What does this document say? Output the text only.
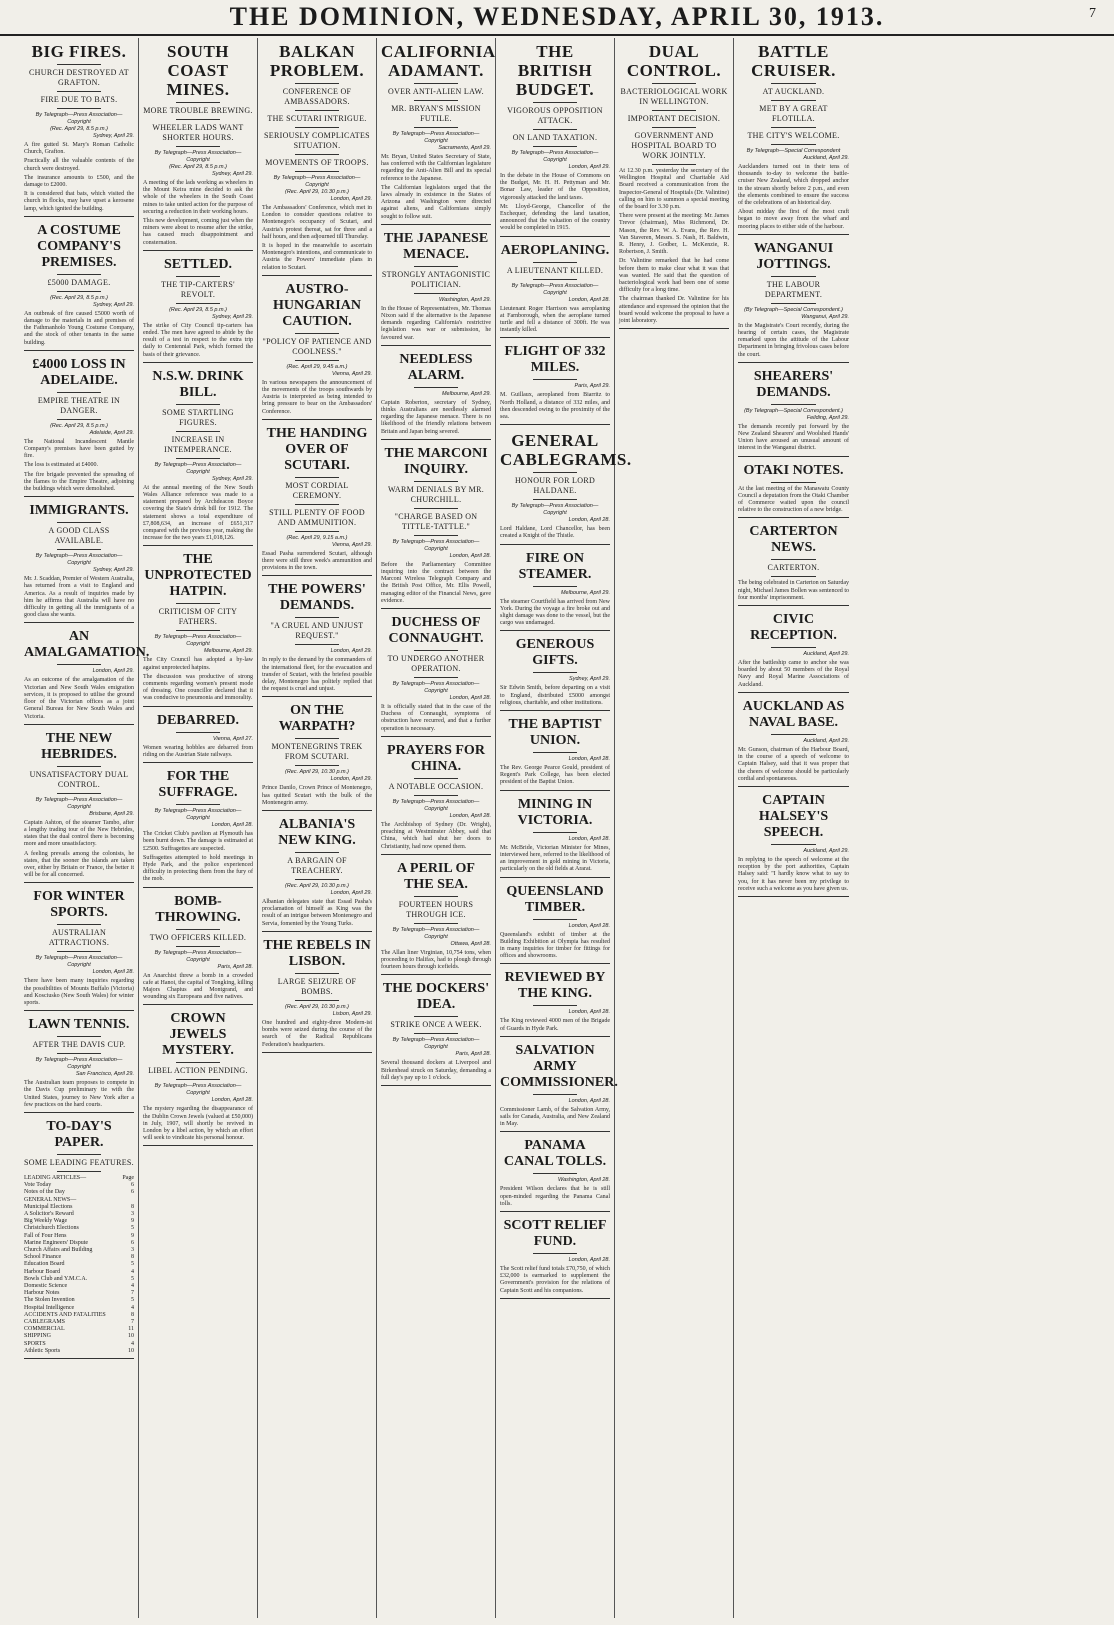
THE DOMINION, WEDNESDAY, APRIL 30, 1913.	7
BIG FIRES.
CHURCH DESTROYED AT GRAFTON.
FIRE DUE TO BATS.
By Telegraph—Press Association—Copyright
(Rec. April 29, 8.5 p.m.)
Sydney, April 29.

A fire gutted St. Mary's Roman Catholic Church, Grafton.

Practically all the valuable contents of the church were destroyed.

The insurance amounts to £500, and the damage to £2000.

It is considered that bats, which visited the church in flocks, may have upset a kerosene lamp, which ignited the building.

A COSTUME COMPANY'S PREMISES.
£5000 DAMAGE.
(Rec. April 29, 8.5 p.m.)
Sydney, April 29.

An outbreak of fire caused £5000 worth of damage to the materials in and premises of the Fathmanholo Young Costume Company, and the stock of other tenants in the same building.

£4000 LOSS IN ADELAIDE.
EMPIRE THEATRE IN DANGER.
(Rec. April 29, 8.5 p.m.)
Adelaide, April 29.

The National Incandescent Mantle Company's premises have been gutted by fire.

The loss is estimated at £4000.

The fire brigade prevented the spreading of the flames to the Empire Theatre, adjoining the buildings which were demolished.

IMMIGRANTS.
A GOOD CLASS AVAILABLE.
By Telegraph—Press Association—Copyright
Sydney, April 29.

Mr. J. Scaddan, Premier of Western Australia, has returned from a visit to England and America. As a result of inquiries made by him he affirms that Australia will have no difficulty in getting all the immigrants of a good class she wants.

AN AMALGAMATION.
London, April 29.

As an outcome of the amalgamation of the Victorian and New South Wales emigration services, it is proposed to utilise the ground floor of the Victorian offices as a joint General Bureau for New South Wales and Victoria.

THE NEW HEBRIDES.
UNSATISFACTORY DUAL CONTROL.
By Telegraph—Press Association—Copyright
Brisbane, April 29.

Captain Ashton, of the steamer Tambo, after a lengthy trading tour of the New Hebrides, states that the dual control there is becoming more and more unsatisfactory.

A feeling prevails among the colonists, he states, that the sooner the islands are taken over, either by Britain or France, the better it will be for all concerned.

FOR WINTER SPORTS.
AUSTRALIAN ATTRACTIONS.
By Telegraph—Press Association—Copyright
London, April 28.

There have been many inquiries regarding the possibilities of Mounts Buffalo (Victoria) and Kosciusko (New South Wales) for winter sports.

LAWN TENNIS.
AFTER THE DAVIS CUP.
By Telegraph—Press Association—Copyright
San Francisco, April 29.

The Australian team proposes to compete in the Davis Cup preliminary tie with the United States, journey to New York after a few practices on the hard courts.

TO-DAY'S PAPER.
SOME LEADING FEATURES.
LEADING ARTICLES—	Page
Vote Today	6
Notes of the Day	6
GENERAL NEWS—
Municipal Elections	8
A Solicitor's Reward	3
Big Weekly Wage	9
Christchurch Elections	5
Fall of Four Hens	9
Marine Engineers' Dispute	6
Church Affairs and Building	3
School Finance	8
Education Board	5
Harbour Board	4
Bowls Club and Y.M.C.A.	5
Domestic Science	4
Harbour Notes	7
The Stolen Invention	5
Hospital Intelligence	4
ACCIDENTS AND FATALITIES	8
CABLEGRAMS	7
COMMERCIAL	11
SHIPPING	10
SPORTS	4
Athletic Sports	10
SOUTH COAST MINES.
MORE TROUBLE BREWING.
WHEELER LADS WANT SHORTER HOURS.
By Telegraph—Press Association—Copyright
(Rec. April 29, 8.5 p.m.)
Sydney, April 29.

A meeting of the lads working as wheelers in the Mount Keira mine decided to ask the whole of the wheelers in the South Coast mines to take united action for the purpose of securing a reduction in their working hours.

This new development, coming just when the miners were about to resume after the strike, has caused much disappointment and consternation.

SETTLED.
THE TIP-CARTERS' REVOLT.
(Rec. April 29, 8.5 p.m.)
Sydney, April 29.

The strike of City Council tip-carters has ended. The men have agreed to abide by the result of a test in respect to the extra trip daily to Centennial Park, which formed the basis of their grievance.

N.S.W. DRINK BILL.
SOME STARTLING FIGURES.
INCREASE IN INTEMPERANCE.
By Telegraph—Press Association—Copyright
Sydney, April 29.

At the annual meeting of the New South Wales Alliance reference was made to a statement prepared by Archdeacon Boyce covering the State's drink bill for 1912. The statement shows a total expenditure of £7,808,634, an increase of £651,317 compared with the previous year, making the increase for the two years £1,018,126.

THE UNPROTECTED HATPIN.
CRITICISM OF CITY FATHERS.
By Telegraph—Press Association—Copyright
Melbourne, April 29.

The City Council has adopted a by-law against unprotected hatpins.

The discussion was productive of strong comments regarding women's present mode of dressing. One councillor declared that it was conducive to pneumonia and immorality.

DEBARRED.
Vienna, April 27.

Women wearing hobbles are debarred from riding on the Austrian State railways.

FOR THE SUFFRAGE.
By Telegraph—Press Association—Copyright
London, April 28.

The Cricket Club's pavilion at Plymouth has been burnt down. The damage is estimated at £2500. Suffragettes are suspected.

Suffragettes attempted to hold meetings in Hyde Park, and the police experienced difficulty in protecting them from the fury of the mob.

BOMB-THROWING.
TWO OFFICERS KILLED.
By Telegraph—Press Association—Copyright
Paris, April 28.

An Anarchist threw a bomb in a crowded cafe at Hanoi, the capital of Tongking, killing Majors Chapius and Montgrand, and wounding six Europeans and five natives.

CROWN JEWELS MYSTERY.
LIBEL ACTION PENDING.
By Telegraph—Press Association—Copyright
London, April 28.

The mystery regarding the disappearance of the Dublin Crown Jewels (valued at £50,000) in July, 1907, will shortly be revived in London by a libel action, by which an effort will seek to vindicate his personal honour.

BALKAN PROBLEM.
CONFERENCE OF AMBASSADORS.
THE SCUTARI INTRIGUE.
SERIOUSLY COMPLICATES SITUATION.
MOVEMENTS OF TROOPS.
By Telegraph—Press Association—Copyright
(Rec. April 29, 10.30 p.m.)
London, April 29.

The Ambassadors' Conference, which met in London to consider questions relative to Montenegro's occupancy of Scutari, and Austria's protest thereat, sat for three and a half hours, and then adjourned till Thursday.

It is hoped in the meanwhile to ascertain Montenegro's intentions, and communicate to Austria the Powers' immediate plans in relation to Scutari.

AUSTRO-HUNGARIAN CAUTION.
"POLICY OF PATIENCE AND COOLNESS."
(Rec. April 29, 9.45 a.m.)
Vienna, April 29.

In various newspapers the announcement of the movements of the troops southwards by Austria is interpreted as being intended to bring pressure to bear on the Ambassadors' Conference.

THE HANDING OVER OF SCUTARI.
MOST CORDIAL CEREMONY.
STILL PLENTY OF FOOD AND AMMUNITION.
(Rec. April 29, 9.15 a.m.)
Vienna, April 29.

Essad Pasha surrendered Scutari, although there were still three week's ammunition and provisions in the town.

THE POWERS' DEMANDS.
"A CRUEL AND UNJUST REQUEST."
London, April 29.

In reply to the demand by the commanders of the international fleet, for the evacuation and transfer of Scutari, with the briefest possible delay, Montenegro has politely replied that the request is cruel and unjust.

ON THE WARPATH?
MONTENEGRINS TREK FROM SCUTARI.
(Rec. April 29, 10.30 p.m.)
London, April 29.

Prince Danilo, Crown Prince of Montenegro, has quitted Scutari with the bulk of the Montenegrin army.

ALBANIA'S NEW KING.
A BARGAIN OF TREACHERY.
(Rec. April 29, 10.30 p.m.)
London, April 29.

Albanian delegates state that Essad Pasha's proclamation of himself as King was the result of an intrigue between Montenegro and Servia, fomented by the Young Turks.

THE REBELS IN LISBON.
LARGE SEIZURE OF BOMBS.
(Rec. April 29, 10.30 p.m.)
Lisbon, April 29.

One hundred and eighty-three Modern-ist bombs were seized during the course of the search of the Radical Republicans Federation's headquarters.

CALIFORNIA ADAMANT.
OVER ANTI-ALIEN LAW.
MR. BRYAN'S MISSION FUTILE.
By Telegraph—Press Association—Copyright
Sacramento, April 29.

Mr. Bryan, United States Secretary of State, has conferred with the Californian legislature regarding the Anti-Alien Bill and its special reference to the Japanese.

The Californian legislators urged that the laws already in existence in the States of Arizona and Washington were directed against aliens, and Californians simply sought to follow suit.

THE JAPANESE MENACE.
STRONGLY ANTAGONISTIC POLITICIAN.
Washington, April 29.

In the House of Representatives, Mr. Thomas Nixon said if the alternative is the Japanese demands regarding California's restrictive legislation was war or submission, he favoured war.

NEEDLESS ALARM.
Melbourne, April 29.

Captain Roberton, secretary of Sydney, thinks Australians are needlessly alarmed regarding the Japanese menace. There is no likelihood of the friendly relations between Britain and Japan being severed.

THE MARCONI INQUIRY.
WARM DENIALS BY MR. CHURCHILL.
"CHARGE BASED ON TITTLE-TATTLE."
By Telegraph—Press Association—Copyright
London, April 28.

Before the Parliamentary Committee inquiring into the contract between the Marconi Wireless Telegraph Company and the British Post Office, Mr. Ellis Powell, managing editor of the Financial News, gave evidence.

DUCHESS OF CONNAUGHT.
TO UNDERGO ANOTHER OPERATION.
By Telegraph—Press Association—Copyright
London, April 28.

It is officially stated that in the case of the Duchess of Connaught, symptoms of obstruction have recurred, and that a further operation is necessary.

PRAYERS FOR CHINA.
A NOTABLE OCCASION.
By Telegraph—Press Association—Copyright
London, April 28.

The Archbishop of Sydney (Dr. Wright), preaching at Westminster Abbey, said that China, which had shut her doors to Christianity, had now opened them.

A PERIL OF THE SEA.
FOURTEEN HOURS THROUGH ICE.
By Telegraph—Press Association—Copyright
Ottawa, April 28.

The Allan liner Virginian, 10,754 tons, when proceeding to Halifax, had to plough through fourteen hours through icefields.

THE DOCKERS' IDEA.
STRIKE ONCE A WEEK.
By Telegraph—Press Association—Copyright
Paris, April 28.

Several thousand dockers at Liverpool and Birkenhead struck on Saturday, demanding a full day's pay up to 1 o'clock.

THE BRITISH BUDGET.
VIGOROUS OPPOSITION ATTACK.
ON LAND TAXATION.
By Telegraph—Press Association—Copyright
London, April 29.

In the debate in the House of Commons on the Budget, Mr. H. H. Pettyman and Mr. Bonar Law, leader of the Opposition, vigorously attacked the land taxes.

Mr. Lloyd-George, Chancellor of the Exchequer, defending the land taxation, announced that the valuation of the country would be completed in 1915.

AEROPLANING.
A LIEUTENANT KILLED.
By Telegraph—Press Association—Copyright
London, April 28.

Lieutenant Roger Harrison was aeroplaning at Farnborough, when the aeroplane turned turtle and fell a distance of 300ft. He was instantly killed.

FLIGHT OF 332 MILES.
Paris, April 29.

M. Guillaux, aeroplaned from Biarritz to North Holland, a distance of 332 miles, and then descended owing to the proximity of the sea.

GENERAL CABLEGRAMS.
HONOUR FOR LORD HALDANE.
By Telegraph—Press Association—Copyright
London, April 28.

Lord Haldane, Lord Chancellor, has been created a Knight of the Thistle.

FIRE ON STEAMER.
Melbourne, April 29.

The steamer Courtfield has arrived from New York. During the voyage a fire broke out and slight damage was done to the vessel, but the cargo was undamaged.

GENEROUS GIFTS.
Sydney, April 29.

Sir Edwin Smith, before departing on a visit to England, distributed £5000 amongst religious, charitable, and other institutions.

THE BAPTIST UNION.
London, April 28.

The Rev. George Pearce Gould, president of Regent's Park College, has been elected president of the Baptist Union.

MINING IN VICTORIA.
London, April 28.

Mr. McBride, Victorian Minister for Mines, interviewed here, referred to the likelihood of an improvement in gold mining in Victoria, particularly on the old fields at Ararat.

QUEENSLAND TIMBER.
London, April 28.

Queensland's exhibit of timber at the Building Exhibition at Olympia has resulted in many inquiries for timber for fittings for offices and showrooms.

REVIEWED BY THE KING.
London, April 28.

The King reviewed 4000 men of the Brigade of Guards in Hyde Park.

SALVATION ARMY COMMISSIONER.
London, April 28.

Commissioner Lamb, of the Salvation Army, sails for Canada, Australia, and New Zealand in May.

PANAMA CANAL TOLLS.
Washington, April 28.

President Wilson declares that he is still open-minded regarding the Panama Canal tolls.

SCOTT RELIEF FUND.
London, April 28.

The Scott relief fund totals £70,750, of which £32,000 is earmarked to supplement the Government's provision for the relations of Captain Scott and his companions.

DUAL CONTROL.
BACTERIOLOGICAL WORK IN WELLINGTON.
IMPORTANT DECISION.
GOVERNMENT AND HOSPITAL BOARD TO WORK JOINTLY.

At 12.30 p.m. yesterday the secretary of the Wellington Hospital and Charitable Aid Board received a communication from the Inspector-General of Hospitals (Dr. Valintine) calling on him to summon a special meeting of the board for 3.30 p.m.

There were present at the meeting: Mr. James Trevor (chairman), Miss Richmond, Dr. Mason, the Rev. W. A. Evans, the Rev. H. Van Staveren, Messrs. S. Nash, H. Baldwin, R. Henry, J. Godber, L. McKenzie, R. Robertson, J. Smith.

Dr. Valintine remarked that he had come before them to make clear what it was that was wanted. He said that the question of bacteriological work had been one of some difficulty for a long time.

The chairman thanked Dr. Valintine for his attendance and expressed the opinion that the board would welcome the proposal to have a joint laboratory.

BATTLE CRUISER.
AT AUCKLAND.
MET BY A GREAT FLOTILLA.
THE CITY'S WELCOME.
By Telegraph—Special Correspondent
Auckland, April 29.

Aucklanders turned out in their tens of thousands to-day to welcome the battle-cruiser New Zealand, which dropped anchor in the stream shortly before 2 p.m., and even the elements combined to ensure the success of the celebrations of an historical day.

About midday the first of the most craft began to move away from the wharf and mooring places to either side of the harbour.

WANGANUI JOTTINGS.
THE LABOUR DEPARTMENT.
(By Telegraph—Special Correspondent.)
Wanganui, April 29.

In the Magistrate's Court recently, during the hearing of certain cases, the Magistrate remarked upon the attitude of the Labour Department in bringing frivolous cases before the court.

SHEARERS' DEMANDS.
(By Telegraph—Special Correspondent.)
Feilding, April 29.

The demands recently put forward by the New Zealand Shearers' and Woolshed Hands' Union have aroused an unusual amount of interest in the Wanganui district.

OTAKI NOTES.

At the last meeting of the Manawatu County Council a deputation from the Otaki Chamber of Commerce waited upon the council relative to the construction of a new bridge.

CARTERTON NEWS.
CARTERTON.

The being celebrated in Carterton on Saturday night, Michael James Bollen was sentenced to four months' imprisonment.

CIVIC RECEPTION.
Auckland, April 29.

After the battleship came to anchor she was boarded by about 50 members of the Royal Navy and Royal Marine Associations of Auckland.

AUCKLAND AS NAVAL BASE.
Auckland, April 29.

Mr. Gunson, chairman of the Harbour Board, in the course of a speech of welcome to Captain Halsey, said that it was proper that the cheers of welcome should be particularly cordial and spontaneous.

CAPTAIN HALSEY'S SPEECH.
Auckland, April 29.

In replying to the speech of welcome at the reception by the port authorities, Captain Halsey said: "I hardly know what to say to you, for it has never been my privilege to receive such a welcome as you have given us.
